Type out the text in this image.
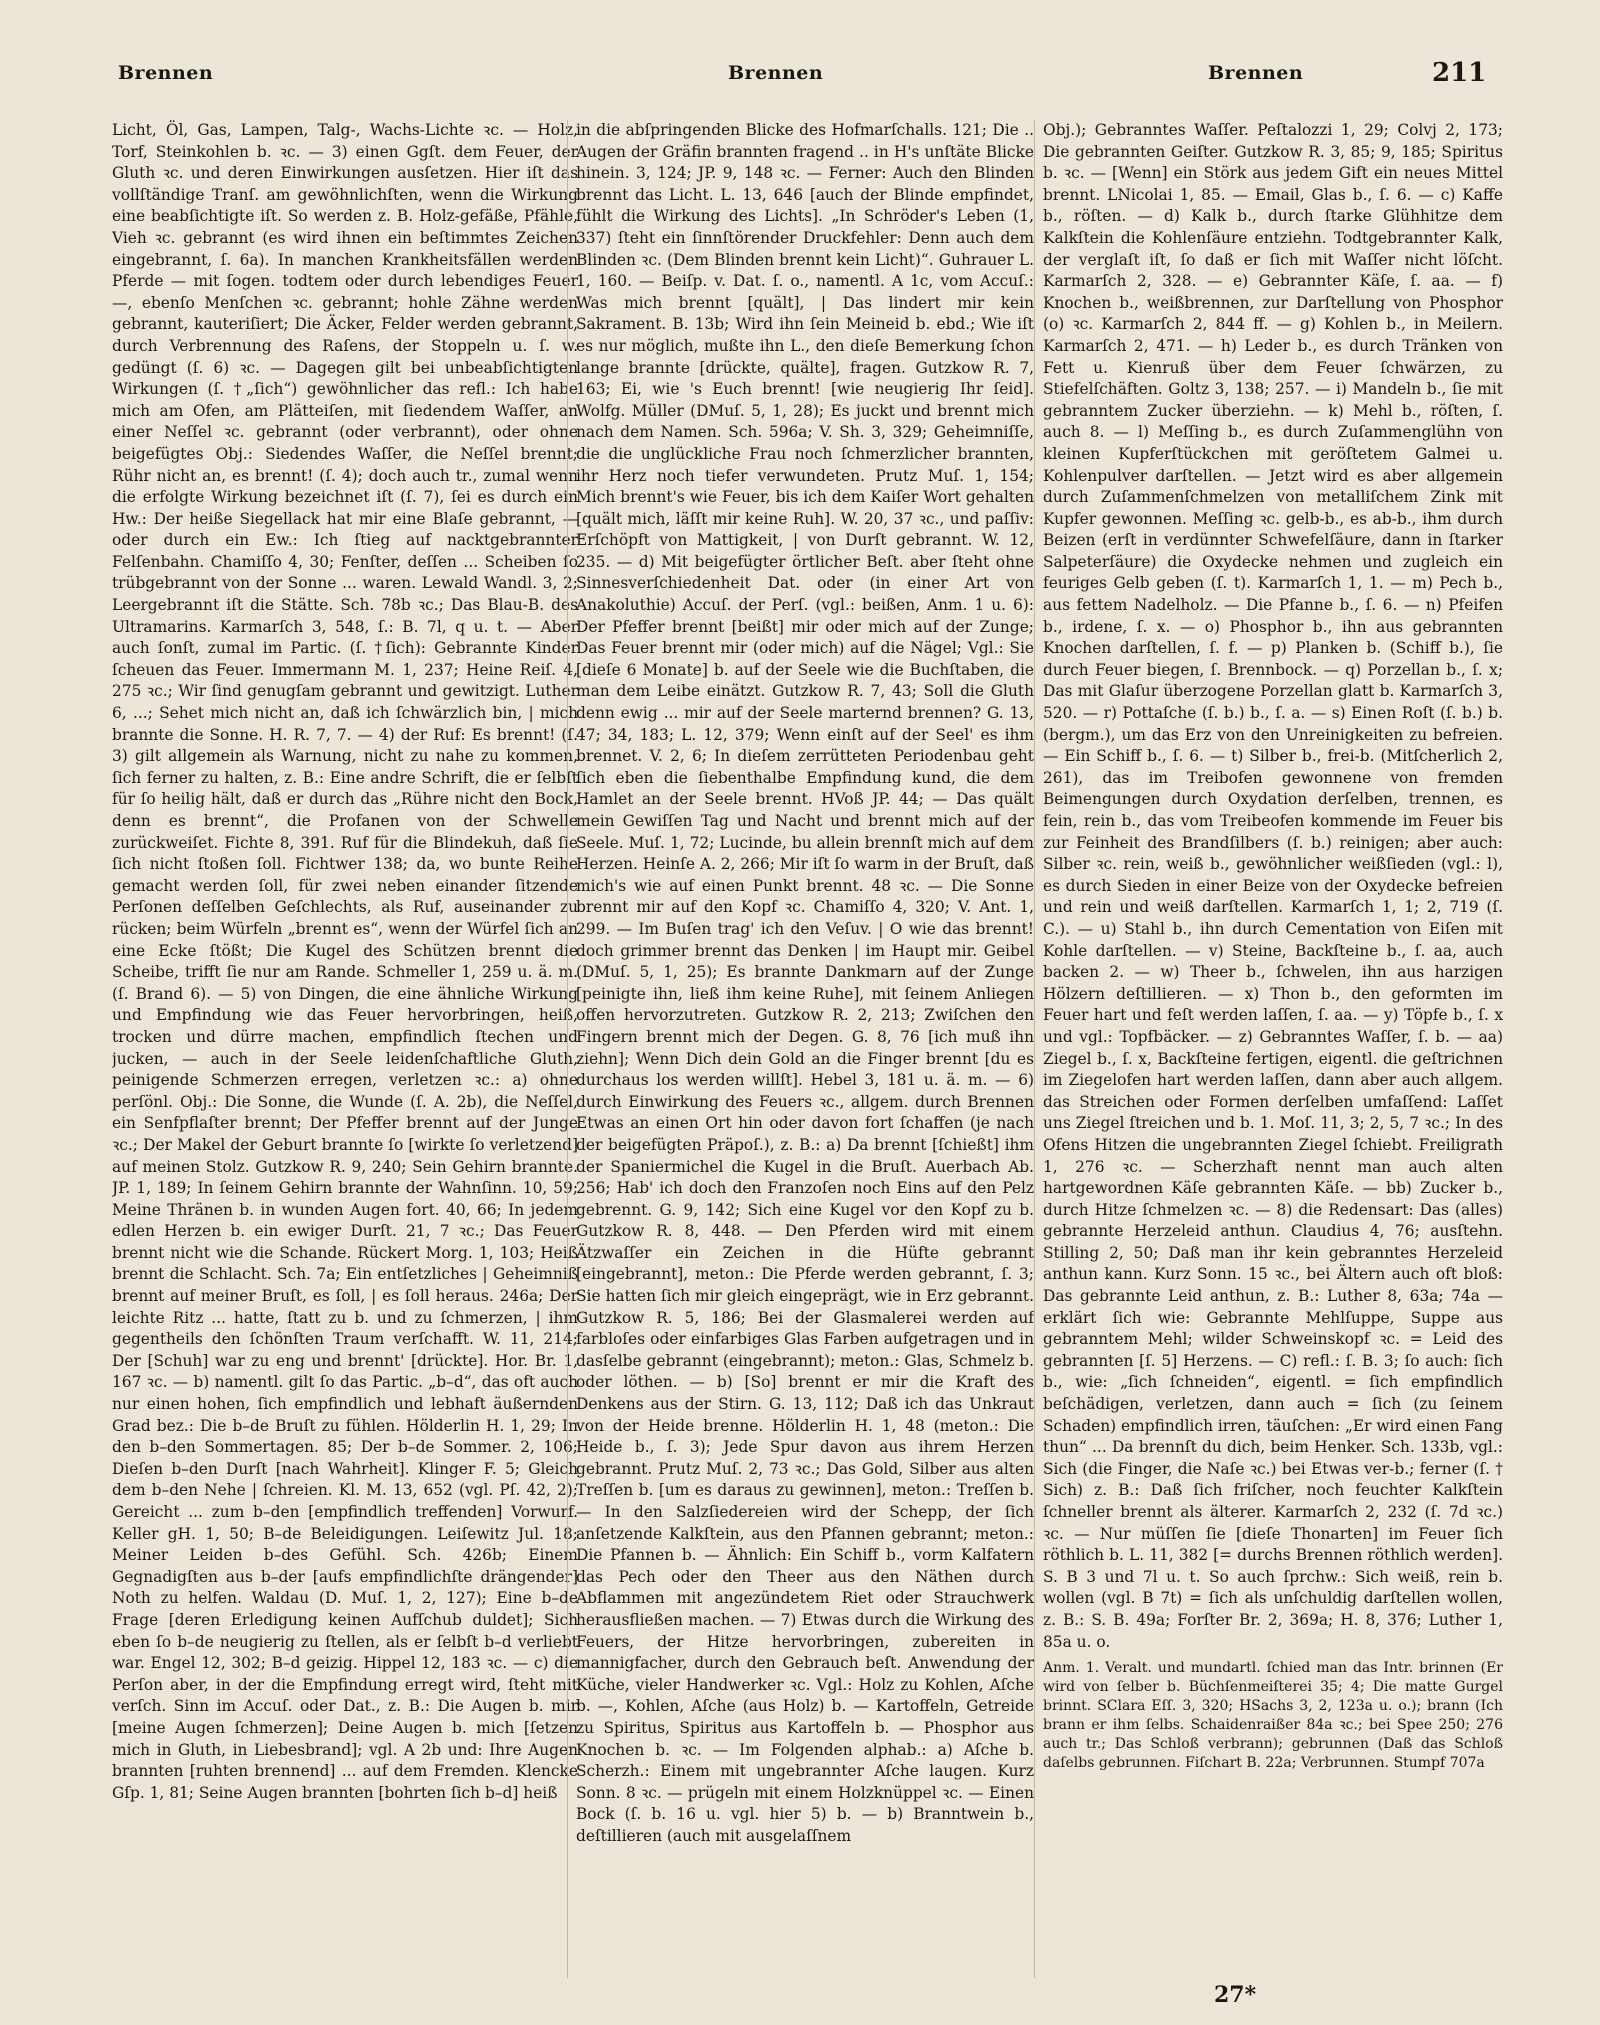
Brennen	Brennen	Brennen	211

Licht, Öl, Gas, Lampen, Talg-, Wachs-Lichte ꝛc. — Holz, Torf, Steinkohlen b. ꝛc. — 3) einen Ggſt. dem Feuer, der Gluth ꝛc. und deren Einwirkungen ausſetzen. Hier iſt das vollſtändige Tranſ. am gewöhnlichſten, wenn die Wirkung eine beabſichtigte iſt. So werden z. B. Holz-gefäße, Pfähle, Vieh ꝛc. gebrannt (es wird ihnen ein beſtimmtes Zeichen eingebrannt, ſ. 6a). In manchen Krankheitsfällen werden Pferde — mit ſogen. todtem oder durch lebendiges Feuer —, ebenſo Menſchen ꝛc. gebrannt; hohle Zähne werden gebrannt, kauteriſiert; Die Äcker, Felder werden gebrannt, durch Verbrennung des Raſens, der Stoppeln u. ſ. w. gedüngt (ſ. 6) ꝛc. — Dagegen gilt bei unbeabſichtigten Wirkungen (ſ. †„ſich“) gewöhnlicher das refl.: Ich habe mich am Ofen, am Plätteiſen, mit ſiedendem Waſſer, an einer Neſſel ꝛc. gebrannt (oder verbrannt), oder ohne beigefügtes Obj.: Siedendes Waſſer, die Neſſel brennt; Rühr nicht an, es brennt! (ſ. 4); doch auch tr., zumal wenn die erfolgte Wirkung bezeichnet iſt (ſ. 7), ſei es durch ein Hw.: Der heiße Siegellack hat mir eine Blaſe gebrannt, — oder durch ein Ew.: Ich ſtieg auf nacktgebrannter Felſenbahn. Chamiſſo 4, 30; Fenſter, deſſen ... Scheiben ſo trübgebrannt von der Sonne ... waren. Lewald Wandl. 3, 2; Leergebrannt iſt die Stätte. Sch. 78b ꝛc.; Das Blau-B. des Ultramarins. Karmarſch 3, 548, ſ.: B. 7l, q u. t. — Aber auch ſonſt, zumal im Partic. (ſ. †ſich): Gebrannte Kinder ſcheuen das Feuer. Immermann M. 1, 237; Heine Reiſ. 4, 275 ꝛc.; Wir ſind genugſam gebrannt und gewitzigt. Luther 6, ...; Sehet mich nicht an, daß ich ſchwärzlich bin, | mich brannte die Sonne. H. R. 7, 7. — 4) der Ruf: Es brennt! (ſ. 3) gilt allgemein als Warnung, nicht zu nahe zu kommen, ſich ferner zu halten, z. B.: Eine andre Schrift, die er ſelbſt für ſo heilig hält, daß er durch das „Rühre nicht den Bock, denn es brennt“, die Profanen von der Schwelle zurückweiſet. Fichte 8, 391. Ruf für die Blindekuh, daß ſie ſich nicht ſtoßen ſoll. Fichtwer 138; da, wo bunte Reihe gemacht werden ſoll, für zwei neben einander ſitzende Perſonen deſſelben Geſchlechts, als Ruf, auseinander zu rücken; beim Würfeln „brennt es“, wenn der Würfel ſich an eine Ecke ſtößt; Die Kugel des Schützen brennt die Scheibe, trifft ſie nur am Rande. Schmeller 1, 259 u. ä. m. (ſ. Brand 6). — 5) von Dingen, die eine ähnliche Wirkung und Empfindung wie das Feuer hervorbringen, heiß, trocken und dürre machen, empfindlich ſtechen und jucken, — auch in der Seele leidenſchaftliche Gluth, peinigende Schmerzen erregen, verletzen ꝛc.: a) ohne perſönl. Obj.: Die Sonne, die Wunde (ſ. A. 2b), die Neſſel, ein Senfpflaſter brennt; Der Pfeffer brennt auf der Junge ꝛc.; Der Makel der Geburt brannte ſo [wirkte ſo verletzend] auf meinen Stolz. Gutzkow R. 9, 240; Sein Gehirn brannte. JP. 1, 189; In ſeinem Gehirn brannte der Wahnſinn. 10, 59; Meine Thränen b. in wunden Augen fort. 40, 66; In jedem edlen Herzen b. ein ewiger Durſt. 21, 7 ꝛc.; Das Feuer brennt nicht wie die Schande. Rückert Morg. 1, 103; Heiß brennt die Schlacht. Sch. 7a; Ein entſetzliches | Geheimniß brennt auf meiner Bruſt, es ſoll, | es ſoll heraus. 246a; Der leichte Ritz ... hatte, ſtatt zu b. und zu ſchmerzen, | ihm gegentheils den ſchönſten Traum verſchafft. W. 11, 214; Der [Schuh] war zu eng und brennt' [drückte]. Hor. Br. 1, 167 ꝛc. — b) namentl. gilt ſo das Partic. „b–d“, das oft auch nur einen hohen, ſich empfindlich und lebhaft äußernden Grad bez.: Die b–de Bruſt zu fühlen. Hölderlin H. 1, 29; In den b–den Sommertagen. 85; Der b–de Sommer. 2, 106; Dieſen b–den Durſt [nach Wahrheit]. Klinger F. 5; Gleich dem b–den Nehe | ſchreien. Kl. M. 13, 652 (vgl. Pſ. 42, 2); Gereicht ... zum b–den [empfindlich treffenden] Vorwurf. Keller gH. 1, 50; B–de Beleidigungen. Leiſewitz Jul. 18; Meiner Leiden b–des Gefühl. Sch. 426b; Einem Gegnadigſten aus b–der [aufs empfindlichſte drängender] Noth zu helfen. Waldau (D. Muſ. 1, 2, 127); Eine b–de Frage [deren Erledigung keinen Aufſchub duldet]; Sich eben ſo b–de neugierig zu ſtellen, als er ſelbſt b–d verliebt war. Engel 12, 302; B–d geizig. Hippel 12, 183 ꝛc. — c) die Perſon aber, in der die Empfindung erregt wird, ſteht mit verſch. Sinn im Accuſ. oder Dat., z. B.: Die Augen b. mir [meine Augen ſchmerzen]; Deine Augen b. mich [ſetzen mich in Gluth, in Liebesbrand]; vgl. A 2b und: Ihre Augen brannten [ruhten brennend] ... auf dem Fremden. Klencke Gſp. 1, 81; Seine Augen brannten [bohrten ſich b–d] heiß

in die abſpringenden Blicke des Hofmarſchalls. 121; Die .. Augen der Gräfin brannten fragend .. in H's unſtäte Blicke hinein. 3, 124; JP. 9, 148 ꝛc. — Ferner: Auch den Blinden brennt das Licht. L. 13, 646 [auch der Blinde empfindet, fühlt die Wirkung des Lichts]. „In Schröder's Leben (1, 337) ſteht ein ſinnſtörender Druckfehler: Denn auch dem Blinden ꝛc. (Dem Blinden brennt kein Licht)“. Guhrauer L. 1, 160. — Beiſp. v. Dat. ſ. o., namentl. A 1c, vom Accuſ.: Was mich brennt [quält], | Das lindert mir kein Sakrament. B. 13b; Wird ihn ſein Meineid b. ebd.; Wie iſt es nur möglich, mußte ihn L., den dieſe Bemerkung ſchon lange brannte [drückte, quälte], fragen. Gutzkow R. 7, 163; Ei, wie 's Euch brennt! [wie neugierig Ihr ſeid]. Wolfg. Müller (DMuſ. 5, 1, 28); Es juckt und brennt mich nach dem Namen. Sch. 596a; V. Sh. 3, 329; Geheimniſſe, die die unglückliche Frau noch ſchmerzlicher brannten, ihr Herz noch tiefer verwundeten. Prutz Muſ. 1, 154; Mich brennt's wie Feuer, bis ich dem Kaiſer Wort gehalten [quält mich, läſſt mir keine Ruh]. W. 20, 37 ꝛc., und paſſiv: Erſchöpft von Mattigkeit, | von Durſt gebrannt. W. 12, 235. — d) Mit beigefügter örtlicher Beſt. aber ſteht ohne Sinnesverſchiedenheit Dat. oder (in einer Art von Anakoluthie) Accuſ. der Perſ. (vgl.: beißen, Anm. 1 u. 6): Der Pfeffer brennt [beißt] mir oder mich auf der Zunge; Das Feuer brennt mir (oder mich) auf die Nägel; Vgl.: Sie [dieſe 6 Monate] b. auf der Seele wie die Buchſtaben, die man dem Leibe einätzt. Gutzkow R. 7, 43; Soll die Gluth denn ewig ... mir auf der Seele marternd brennen? G. 13, 47; 34, 183; L. 12, 379; Wenn einſt auf der Seel' es ihm brennet. V. 2, 6; In dieſem zerrütteten Periodenbau geht ſich eben die ſiebenthalbe Empfindung kund, die dem Hamlet an der Seele brennt. HVoß JP. 44; — Das quält mein Gewiſſen Tag und Nacht und brennt mich auf der Seele. Muſ. 1, 72; Lucinde, bu allein brennſt mich auf dem Herzen. Heinſe A. 2, 266; Mir iſt ſo warm in der Bruſt, daß mich's wie auf einen Punkt brennt. 48 ꝛc. — Die Sonne brennt mir auf den Kopf ꝛc. Chamiſſo 4, 320; V. Ant. 1, 299. — Im Buſen trag' ich den Veſuv. | O wie das brennt! doch grimmer brennt das Denken | im Haupt mir. Geibel (DMuſ. 5, 1, 25); Es brannte Dankmarn auf der Zunge [peinigte ihn, ließ ihm keine Ruhe], mit ſeinem Anliegen offen hervorzutreten. Gutzkow R. 2, 213; Zwiſchen den Fingern brennt mich der Degen. G. 8, 76 [ich muß ihn ziehn]; Wenn Dich dein Gold an die Finger brennt [du es durchaus los werden willſt]. Hebel 3, 181 u. ä. m. — 6) durch Einwirkung des Feuers ꝛc., allgem. durch Brennen Etwas an einen Ort hin oder davon fort ſchaffen (je nach der beigefügten Präpoſ.), z. B.: a) Da brennt [ſchießt] ihm der Spaniermichel die Kugel in die Bruſt. Auerbach Ab. 256; Hab' ich doch den Franzoſen noch Eins auf den Pelz gebrennt. G. 9, 142; Sich eine Kugel vor den Kopf zu b. Gutzkow R. 8, 448. — Den Pferden wird mit einem Ätzwaſſer ein Zeichen in die Hüfte gebrannt [eingebrannt], meton.: Die Pferde werden gebrannt, ſ. 3; Sie hatten ſich mir gleich eingeprägt, wie in Erz gebrannt. Gutzkow R. 5, 186; Bei der Glasmalerei werden auf farbloſes oder einfarbiges Glas Farben aufgetragen und in dasſelbe gebrannt (eingebrannt); meton.: Glas, Schmelz b. oder löthen. — b) [So] brennt er mir die Kraft des Denkens aus der Stirn. G. 13, 112; Daß ich das Unkraut von der Heide brenne. Hölderlin H. 1, 48 (meton.: Die Heide b., ſ. 3); Jede Spur davon aus ihrem Herzen gebrannt. Prutz Muſ. 2, 73 ꝛc.; Das Gold, Silber aus alten Treſſen b. [um es daraus zu gewinnen], meton.: Treſſen b. — In den Salzſiedereien wird der Schepp, der ſich anſetzende Kalkſtein, aus den Pfannen gebrannt; meton.: Die Pfannen b. — Ähnlich: Ein Schiff b., vorm Kalfatern das Pech oder den Theer aus den Näthen durch Abflammen mit angezündetem Riet oder Strauchwerk herausfließen machen. — 7) Etwas durch die Wirkung des Feuers, der Hitze hervorbringen, zubereiten in mannigfacher, durch den Gebrauch beſt. Anwendung der Küche, vieler Handwerker ꝛc. Vgl.: Holz zu Kohlen, Aſche b. —, Kohlen, Aſche (aus Holz) b. — Kartoffeln, Getreide zu Spiritus, Spiritus aus Kartoffeln b. — Phosphor aus Knochen b. ꝛc. — Im Folgenden alphab.: a) Aſche b. Scherzh.: Einem mit ungebrannter Aſche laugen. Kurz Sonn. 8 ꝛc. — prügeln mit einem Holzknüppel ꝛc. — Einen Bock (ſ. b. 16 u. vgl. hier 5) b. — b) Branntwein b., deſtillieren (auch mit ausgelaſſnem

Obj.); Gebranntes Waſſer. Peſtalozzi 1, 29; Colvj 2, 173; Die gebrannten Geiſter. Gutzkow R. 3, 85; 9, 185; Spiritus b. ꝛc. — [Wenn] ein Störk aus jedem Gift ein neues Mittel brennt. LNicolai 1, 85. — Email, Glas b., ſ. 6. — c) Kaffe b., röſten. — d) Kalk b., durch ſtarke Glühhitze dem Kalkſtein die Kohlenſäure entziehn. Todtgebrannter Kalk, der verglaſt iſt, ſo daß er ſich mit Waſſer nicht löſcht. Karmarſch 2, 328. — e) Gebrannter Käſe, ſ. aa. — f) Knochen b., weißbrennen, zur Darſtellung von Phosphor (o) ꝛc. Karmarſch 2, 844 ff. — g) Kohlen b., in Meilern. Karmarſch 2, 471. — h) Leder b., es durch Tränken von Fett u. Kienruß über dem Feuer ſchwärzen, zu Stiefelſchäften. Goltz 3, 138; 257. — i) Mandeln b., ſie mit gebranntem Zucker überziehn. — k) Mehl b., röſten, ſ. auch 8. — l) Meſſing b., es durch Zuſammenglühn von kleinen Kupferſtückchen mit geröſtetem Galmei u. Kohlenpulver darſtellen. — Jetzt wird es aber allgemein durch Zuſammenſchmelzen von metalliſchem Zink mit Kupfer gewonnen. Meſſing ꝛc. gelb-b., es ab-b., ihm durch Beizen (erſt in verdünnter Schwefelſäure, dann in ſtarker Salpeterſäure) die Oxydecke nehmen und zugleich ein feuriges Gelb geben (ſ. t). Karmarſch 1, 1. — m) Pech b., aus fettem Nadelholz. — Die Pfanne b., ſ. 6. — n) Pfeifen b., irdene, ſ. x. — o) Phosphor b., ihn aus gebrannten Knochen darſtellen, ſ. f. — p) Planken b. (Schiff b.), ſie durch Feuer biegen, ſ. Brennbock. — q) Porzellan b., ſ. x; Das mit Glaſur überzogene Porzellan glatt b. Karmarſch 3, 520. — r) Pottaſche (ſ. b.) b., ſ. a. — s) Einen Roſt (ſ. b.) b. (bergm.), um das Erz von den Unreinigkeiten zu befreien. — Ein Schiff b., ſ. 6. — t) Silber b., frei-b. (Mitſcherlich 2, 261), das im Treibofen gewonnene von fremden Beimengungen durch Oxydation derſelben, trennen, es fein, rein b., das vom Treibeofen kommende im Feuer bis zur Feinheit des Brandſilbers (ſ. b.) reinigen; aber auch: Silber ꝛc. rein, weiß b., gewöhnlicher weißſieden (vgl.: l), es durch Sieden in einer Beize von der Oxydecke befreien und rein und weiß darſtellen. Karmarſch 1, 1; 2, 719 (ſ. C.). — u) Stahl b., ihn durch Cementation von Eiſen mit Kohle darſtellen. — v) Steine, Backſteine b., ſ. aa, auch backen 2. — w) Theer b., ſchwelen, ihn aus harzigen Hölzern deſtillieren. — x) Thon b., den geformten im Feuer hart und feſt werden laſſen, ſ. aa. — y) Töpfe b., ſ. x und vgl.: Topfbäcker. — z) Gebranntes Waſſer, ſ. b. — aa) Ziegel b., ſ. x, Backſteine fertigen, eigentl. die geſtrichnen im Ziegelofen hart werden laſſen, dann aber auch allgem. das Streichen oder Formen derſelben umfaſſend: Laſſet uns Ziegel ſtreichen und b. 1. Moſ. 11, 3; 2, 5, 7 ꝛc.; In des Ofens Hitzen die ungebrannten Ziegel ſchiebt. Freiligrath 1, 276 ꝛc. — Scherzhaft nennt man auch alten hartgewordnen Käſe gebrannten Käſe. — bb) Zucker b., durch Hitze ſchmelzen ꝛc. — 8) die Redensart: Das (alles) gebrannte Herzeleid anthun. Claudius 4, 76; ausſtehn. Stilling 2, 50; Daß man ihr kein gebranntes Herzeleid anthun kann. Kurz Sonn. 15 ꝛc., bei Ältern auch oft bloß: Das gebrannte Leid anthun, z. B.: Luther 8, 63a; 74a — erklärt ſich wie: Gebrannte Mehlſuppe, Suppe aus gebranntem Mehl; wilder Schweinskopf ꝛc. = Leid des gebrannten [ſ. 5] Herzens. — C) refl.: ſ. B. 3; ſo auch: ſich b., wie: „ſich ſchneiden“, eigentl. = ſich empfindlich beſchädigen, verletzen, dann auch = ſich (zu ſeinem Schaden) empfindlich irren, täuſchen: „Er wird einen Fang thun“ ... Da brennſt du dich, beim Henker. Sch. 133b, vgl.: Sich (die Finger, die Naſe ꝛc.) bei Etwas ver-b.; ferner (ſ. † Sich) z. B.: Daß ſich friſcher, noch feuchter Kalkſtein ſchneller brennt als älterer. Karmarſch 2, 232 (ſ. 7d ꝛc.) ꝛc. — Nur müſſen ſie [dieſe Thonarten] im Feuer ſich röthlich b. L. 11, 382 [= durchs Brennen röthlich werden]. S. B 3 und 7l u. t. So auch ſprchw.: Sich weiß, rein b. wollen (vgl. B 7t) = ſich als unſchuldig darſtellen wollen, z. B.: S. B. 49a; Forſter Br. 2, 369a; H. 8, 376; Luther 1, 85a u. o.

Anm. 1. Veralt. und mundartl. ſchied man das Intr. brinnen (Er wird von ſelber b. Büchſenmeiſterei 35; 4; Die matte Gurgel brinnt. SClara Eſſ. 3, 320; HSachs 3, 2, 123a u. o.); brann (Ich brann er ihm ſelbs. Schaidenraißer 84a ꝛc.; bei Spee 250; 276 auch tr.; Das Schloß verbrann); gebrunnen (Daß das Schloß daſelbs gebrunnen. Fiſchart B. 22a; Verbrunnen. Stumpf 707a

27*
